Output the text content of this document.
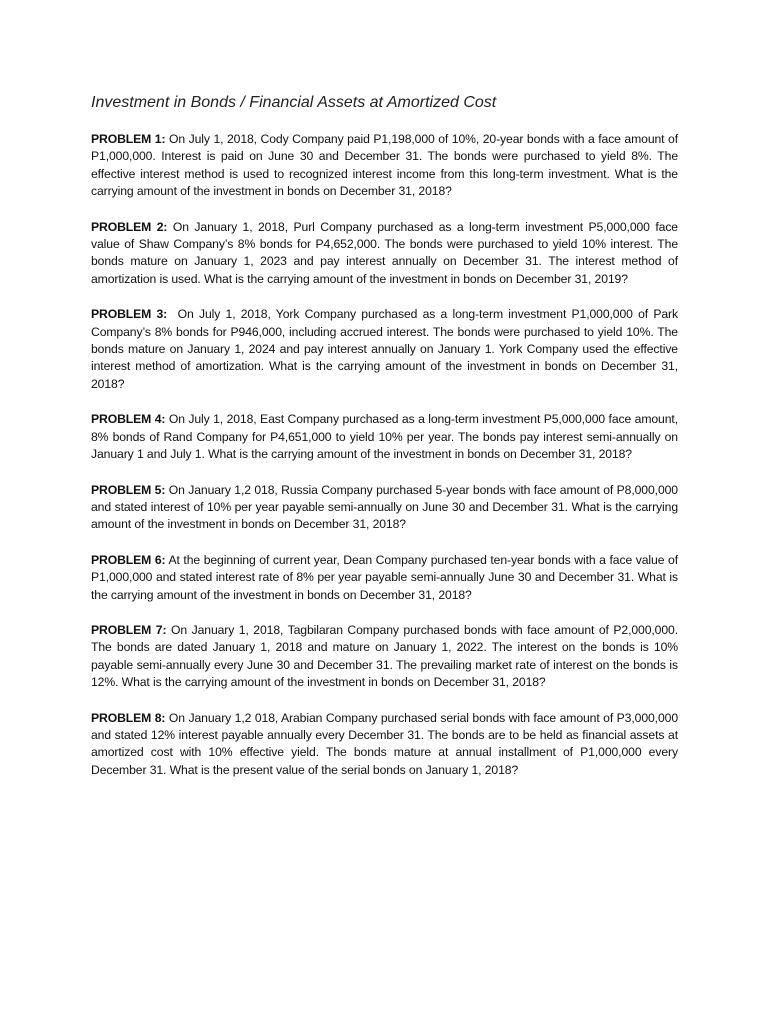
Investment in Bonds / Financial Assets at Amortized Cost

PROBLEM 1: On July 1, 2018, Cody Company paid P1,198,000 of 10%, 20-year bonds with a face amount of P1,000,000. Interest is paid on June 30 and December 31. The bonds were purchased to yield 8%. The effective interest method is used to recognized interest income from this long-term investment. What is the carrying amount of the investment in bonds on December 31, 2018?

PROBLEM 2: On January 1, 2018, Purl Company purchased as a long-term investment P5,000,000 face value of Shaw Company’s 8% bonds for P4,652,000. The bonds were purchased to yield 10% interest. The bonds mature on January 1, 2023 and pay interest annually on December 31. The interest method of amortization is used. What is the carrying amount of the investment in bonds on December 31, 2019?

PROBLEM 3:  On July 1, 2018, York Company purchased as a long-term investment P1,000,000 of Park Company’s 8% bonds for P946,000, including accrued interest. The bonds were purchased to yield 10%. The bonds mature on January 1, 2024 and pay interest annually on January 1. York Company used the effective interest method of amortization. What is the carrying amount of the investment in bonds on December 31, 2018?

PROBLEM 4: On July 1, 2018, East Company purchased as a long-term investment P5,000,000 face amount, 8% bonds of Rand Company for P4,651,000 to yield 10% per year. The bonds pay interest semi-annually on January 1 and July 1. What is the carrying amount of the investment in bonds on December 31, 2018?

PROBLEM 5: On January 1,2 018, Russia Company purchased 5-year bonds with face amount of P8,000,000 and stated interest of 10% per year payable semi-annually on June 30 and December 31. What is the carrying amount of the investment in bonds on December 31, 2018?

PROBLEM 6: At the beginning of current year, Dean Company purchased ten-year bonds with a face value of P1,000,000 and stated interest rate of 8% per year payable semi-annually June 30 and December 31. What is the carrying amount of the investment in bonds on December 31, 2018?

PROBLEM 7: On January 1, 2018, Tagbilaran Company purchased bonds with face amount of P2,000,000. The bonds are dated January 1, 2018 and mature on January 1, 2022. The interest on the bonds is 10% payable semi-annually every June 30 and December 31. The prevailing market rate of interest on the bonds is 12%. What is the carrying amount of the investment in bonds on December 31, 2018?

PROBLEM 8: On January 1,2 018, Arabian Company purchased serial bonds with face amount of P3,000,000 and stated 12% interest payable annually every December 31. The bonds are to be held as financial assets at amortized cost with 10% effective yield. The bonds mature at annual installment of P1,000,000 every December 31. What is the present value of the serial bonds on January 1, 2018?
